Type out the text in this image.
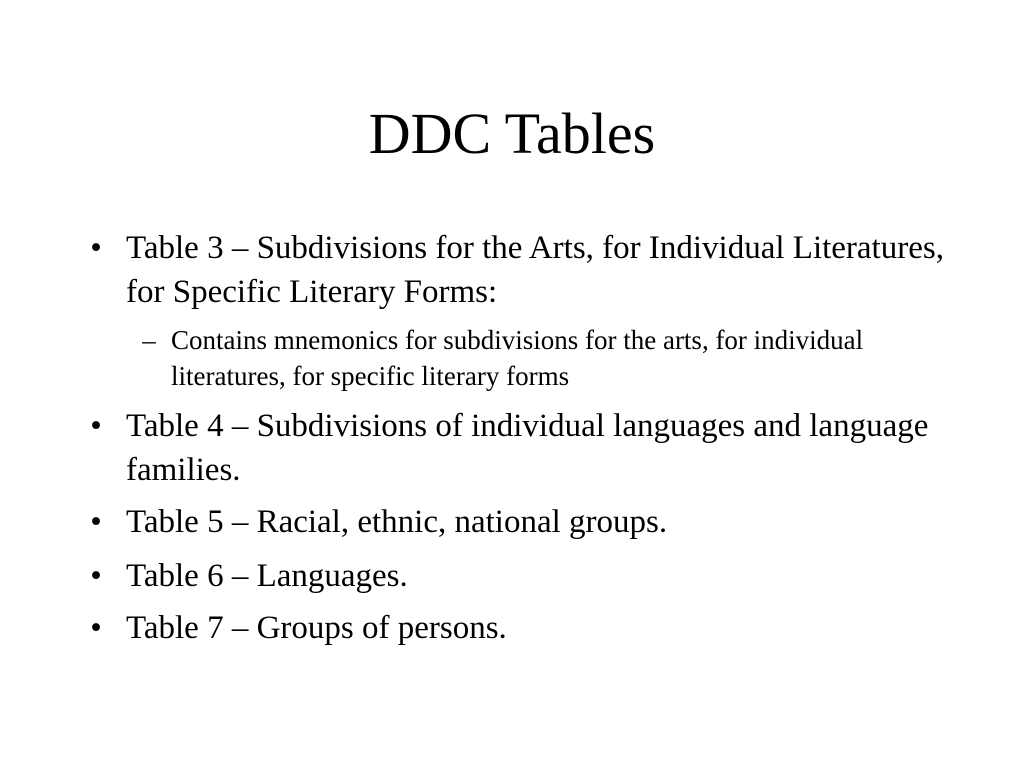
DDC Tables
• Table 3 – Subdivisions for the Arts, for Individual Literatures, for Specific Literary Forms:
– Contains mnemonics for subdivisions for the arts, for individual literatures, for specific literary forms
• Table 4 – Subdivisions of individual languages and language families.
• Table 5 – Racial, ethnic, national groups.
• Table 6 – Languages.
• Table 7 – Groups of persons.
